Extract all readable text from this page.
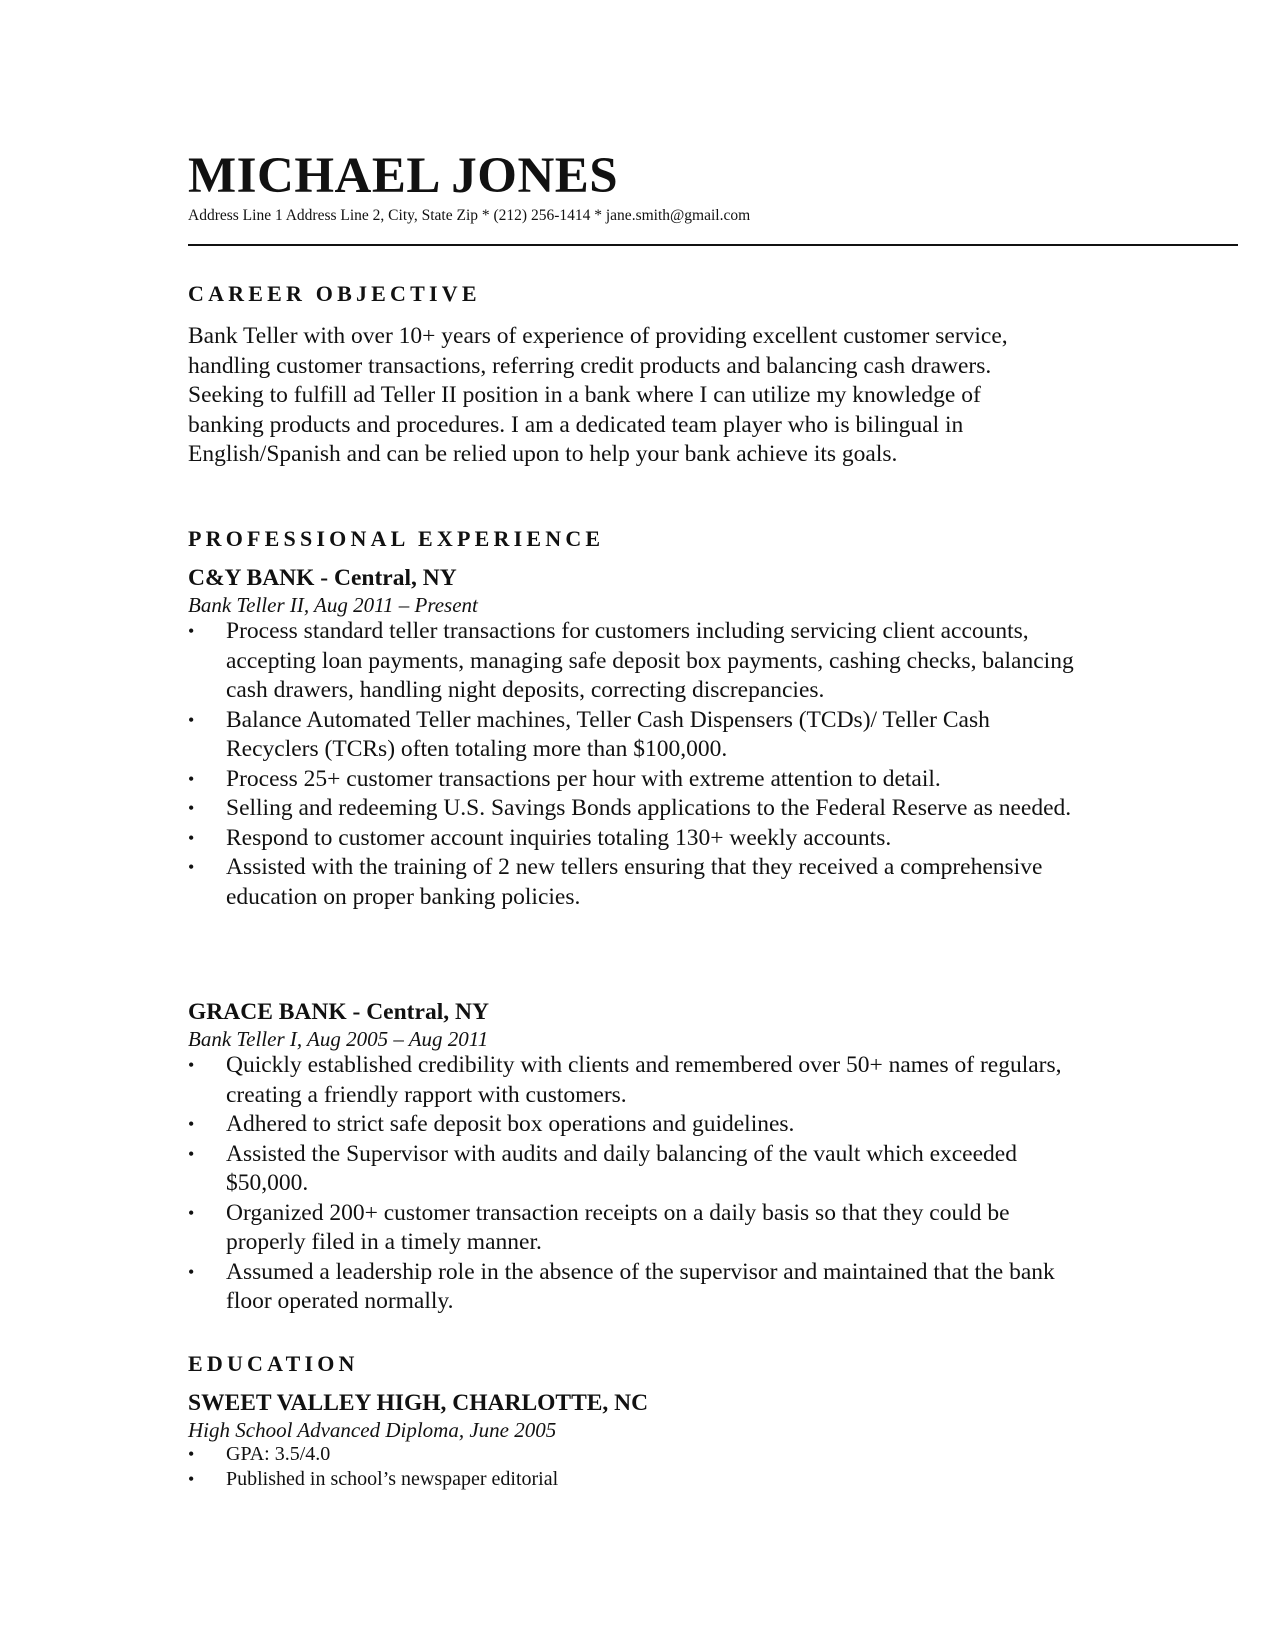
MICHAEL JONES
Address Line 1 Address Line 2, City, State Zip * (212) 256-1414 * jane.smith@gmail.com
CAREER OBJECTIVE
Bank Teller with over 10+ years of experience of providing excellent customer service, handling customer transactions, referring credit products and balancing cash drawers. Seeking to fulfill ad Teller II position in a bank where I can utilize my knowledge of banking products and procedures. I am a dedicated team player who is bilingual in English/Spanish and can be relied upon to help your bank achieve its goals.
PROFESSIONAL EXPERIENCE
C&Y BANK - Central, NY
Bank Teller II, Aug 2011 – Present
• Process standard teller transactions for customers including servicing client accounts, accepting loan payments, managing safe deposit box payments, cashing checks, balancing cash drawers, handling night deposits, correcting discrepancies.
• Balance Automated Teller machines, Teller Cash Dispensers (TCDs)/ Teller Cash Recyclers (TCRs) often totaling more than $100,000.
• Process 25+ customer transactions per hour with extreme attention to detail.
• Selling and redeeming U.S. Savings Bonds applications to the Federal Reserve as needed.
• Respond to customer account inquiries totaling 130+ weekly accounts.
• Assisted with the training of 2 new tellers ensuring that they received a comprehensive education on proper banking policies.
GRACE BANK - Central, NY
Bank Teller I, Aug 2005 – Aug 2011
• Quickly established credibility with clients and remembered over 50+ names of regulars, creating a friendly rapport with customers.
• Adhered to strict safe deposit box operations and guidelines.
• Assisted the Supervisor with audits and daily balancing of the vault which exceeded $50,000.
• Organized 200+ customer transaction receipts on a daily basis so that they could be properly filed in a timely manner.
• Assumed a leadership role in the absence of the supervisor and maintained that the bank floor operated normally.
EDUCATION
SWEET VALLEY HIGH, CHARLOTTE, NC
High School Advanced Diploma, June 2005
• GPA: 3.5/4.0
• Published in school’s newspaper editorial
